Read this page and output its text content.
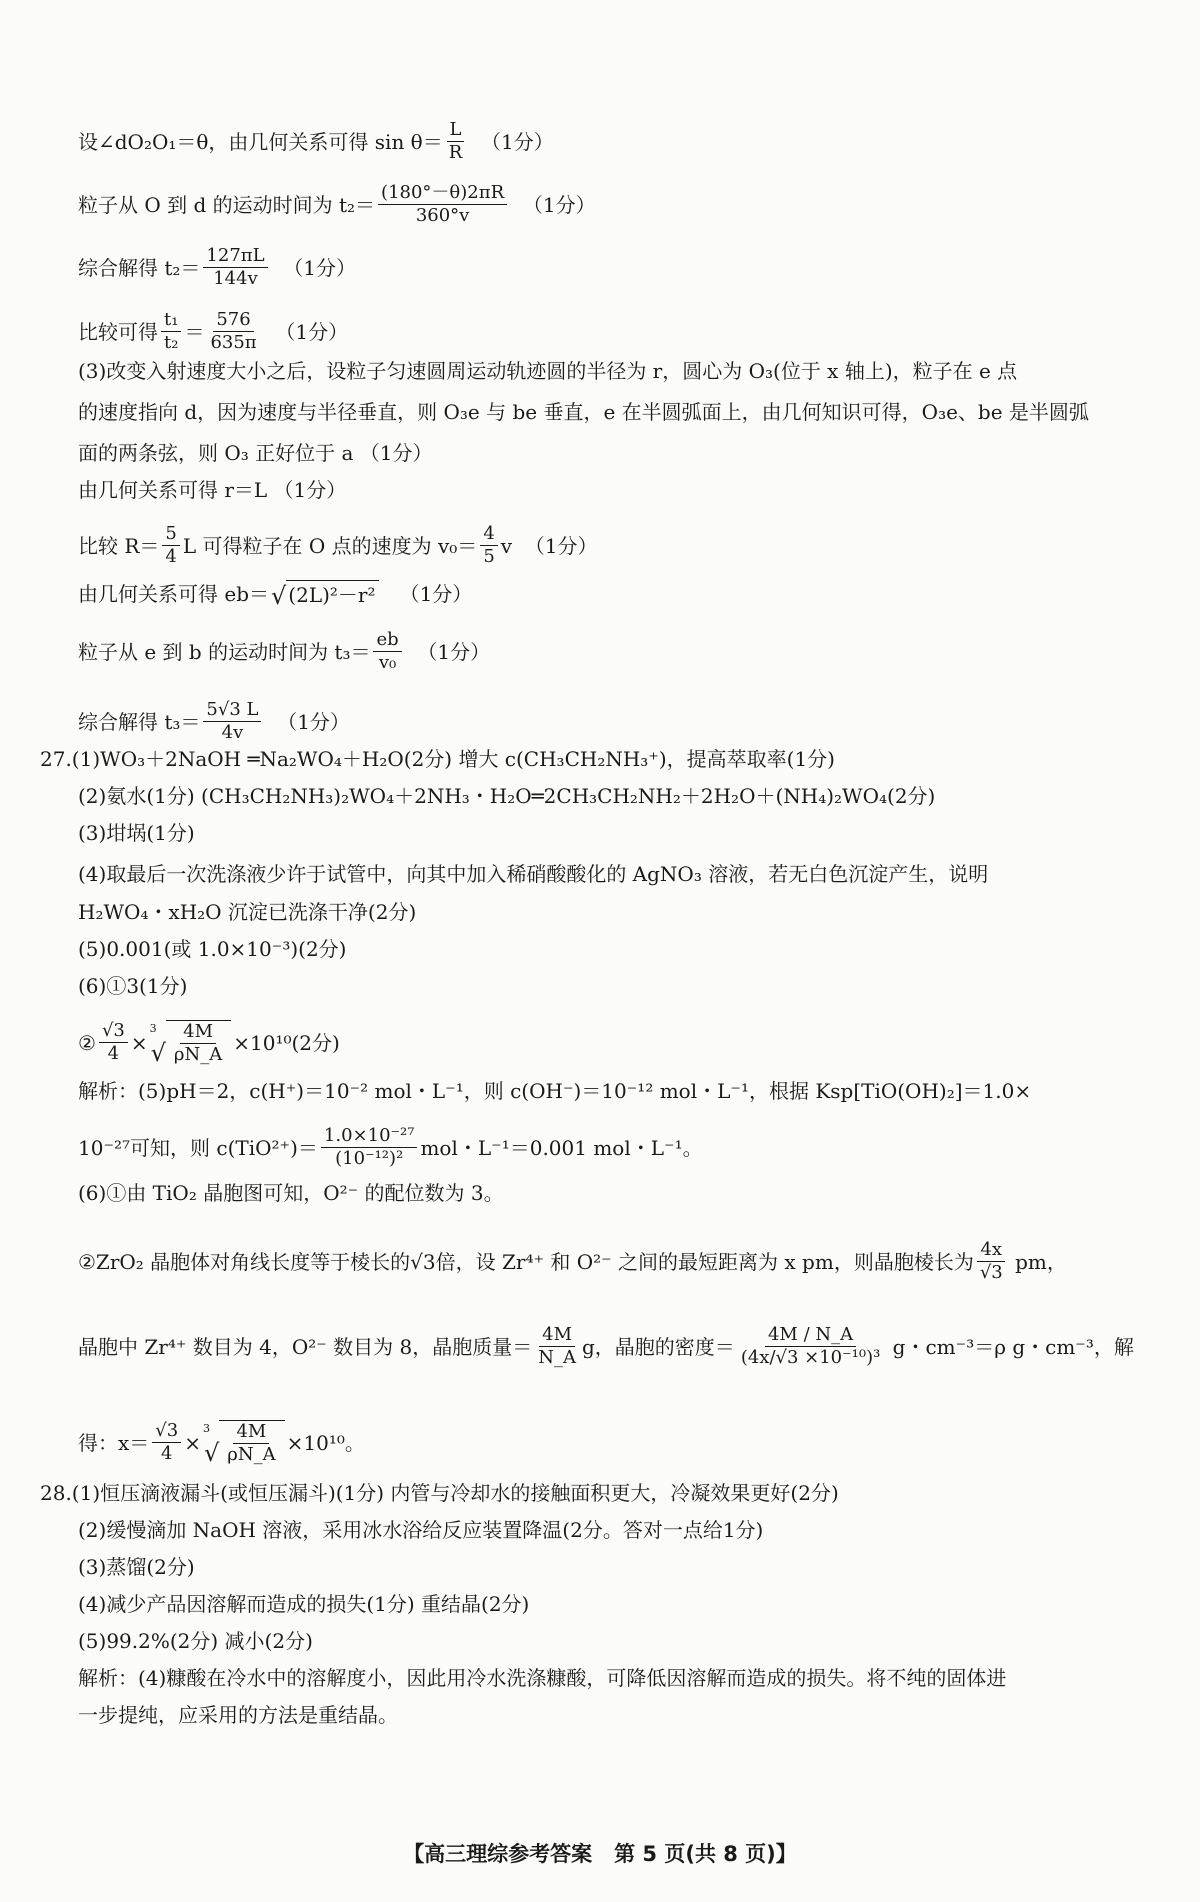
设∠dO₂O₁＝θ，由几何关系可得 $\sin \theta= \frac{L}{R} (1$分）
粒子从 O 到 d 的运动时间为 $t_2= \frac{(180^\circ-\theta)2\pi R}{360^\circ v} (1$分）
综合解得 $t_2= \frac{127\pi L}{144v} (1$分）
比较可得 $\frac{\text{t₁}}{\text{t₂}} = \frac{576}{635\pi} (1$分）
(3)改变入射速度大小之后，设粒子匀速圆周运动轨迹圆的半径为 r，圆心为 O₃(位于 x 轴上)，粒子在 e 点
的速度指向 d，因为速度与半径垂直，则 O₃e 与 be 垂直，e 在半圆弧面上，由几何知识可得，O₃e、be 是半圆弧
面的两条弦，则 O₃ 正好位于 a （1分）
由几何关系可得 r＝L （1分）
比较 $R= \frac{5}{4}$ L 可得粒子在 O 点的速度为 $v_0= \frac{4}{5}$ v  （1分）
由几何关系可得 eb＝ √ (2L)²－r² （1分）
粒子从 e 到 b 的运动时间为 $t_3= \frac{eb}{\text{v₀}} (1$分）
综合解得 $t_3= \frac{5√3 L}{4v} (1$分）
27.(1)WO₃＋2NaOH ═Na₂WO₄＋H₂O(2分) 增大 c(CH₃CH₂NH₃⁺)，提高萃取率(1分)
(2)氨水(1分) (CH₃CH₂NH₃)₂WO₄＋2NH₃・H₂O═2CH₃CH₂NH₂＋2H₂O＋(NH₄)₂WO₄(2分)
(3)坩埚(1分)
(4)取最后一次洗涤液少许于试管中，向其中加入稀硝酸酸化的 AgNO₃ 溶液，若无白色沉淀产生，说明
H₂WO₄・xH₂O 沉淀已洗涤干净(2分)
(5)0.001(或 1.0×10⁻³)(2分)
(6)①3(1分)
② $\frac{√3}{4}$ ×
3
√ $\frac{4M}{\rho N\_A} \times 10^{10}(2$分)
解析：(5)pH＝2，c(H⁺)＝10⁻² mol・L⁻¹，则 c(OH⁻)＝10⁻¹² mol・L⁻¹，根据 Ksp[TiO(OH)₂]＝1.0×
10⁻²⁷可知，则 $c(TiO^{2+})= \frac{\text{1.0×10⁻²⁷}}{\text{(10⁻¹²)²}}$ mol・L⁻¹＝0.001 mol・L⁻¹。
(6)①由 TiO₂ 晶胞图可知，O²⁻ 的配位数为 3。
②ZrO₂ 晶胞体对角线长度等于棱长的√3倍，设 Zr⁴⁺ 和 O²⁻ 之间的最短距离为 x pm，则晶胞棱长为 $\frac{4x}{√3}$ pm，
晶胞中 Zr⁴⁺ 数目为 4，O²⁻ 数目为 8，晶胞质量＝ $\frac{4M}{N\_A}$ g，晶胞的密度＝ $\frac{4M / N\_A}{\text{(4x/√3 ×10⁻¹⁰)³}}$ g・cm⁻³＝ρ g・cm⁻³，解
得：$x= \frac{√3}{4}$ ×
3
√ $\frac{4M}{\rho N\_A} \times 10^{10}$。
28.(1)恒压滴液漏斗(或恒压漏斗)(1分) 内管与冷却水的接触面积更大，冷凝效果更好(2分)
(2)缓慢滴加 NaOH 溶液，采用冰水浴给反应装置降温(2分。答对一点给1分)
(3)蒸馏(2分)
(4)减少产品因溶解而造成的损失(1分) 重结晶(2分)
(5)99.2%(2分) 减小(2分)
解析：(4)糠酸在冷水中的溶解度小，因此用冷水洗涤糠酸，可降低因溶解而造成的损失。将不纯的固体进
一步提纯，应采用的方法是重结晶。
【高三理综参考答案   第 5 页(共 8 页)】
